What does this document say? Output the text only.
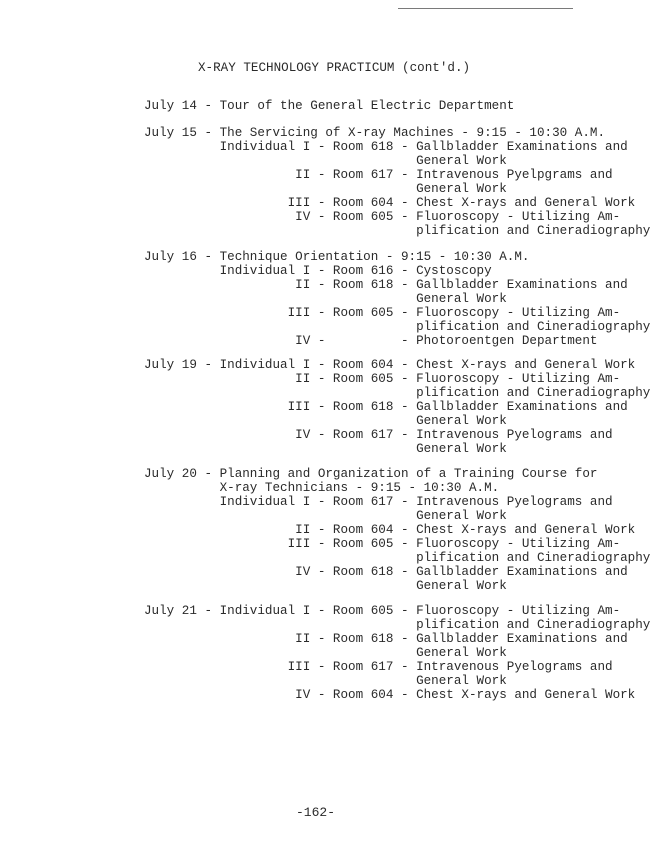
X-RAY TECHNOLOGY PRACTICUM (cont'd.)
July 14 - Tour of the General Electric Department
July 15 - The Servicing of X-ray Machines - 9:15 - 10:30 A.M.
Individual I - Room 618 - Gallbladder Examinations and
General Work
II - Room 617 - Intravenous Pyelpgrams and
General Work
III - Room 604 - Chest X-rays and General Work
IV - Room 605 - Fluoroscopy - Utilizing Am-
plification and Cineradiography
July 16 - Technique Orientation - 9:15 - 10:30 A.M.
Individual I - Room 616 - Cystoscopy
II - Room 618 - Gallbladder Examinations and
General Work
III - Room 605 - Fluoroscopy - Utilizing Am-
plification and Cineradiography
IV -          - Photoroentgen Department
July 19 - Individual I - Room 604 - Chest X-rays and General Work
II - Room 605 - Fluoroscopy - Utilizing Am-
plification and Cineradiography
III - Room 618 - Gallbladder Examinations and
General Work
IV - Room 617 - Intravenous Pyelograms and
General Work
July 20 - Planning and Organization of a Training Course for
X-ray Technicians - 9:15 - 10:30 A.M.
Individual I - Room 617 - Intravenous Pyelograms and
General Work
II - Room 604 - Chest X-rays and General Work
III - Room 605 - Fluoroscopy - Utilizing Am-
plification and Cineradiography
IV - Room 618 - Gallbladder Examinations and
General Work
July 21 - Individual I - Room 605 - Fluoroscopy - Utilizing Am-
plification and Cineradiography
II - Room 618 - Gallbladder Examinations and
General Work
III - Room 617 - Intravenous Pyelograms and
General Work
IV - Room 604 - Chest X-rays and General Work
-162-
